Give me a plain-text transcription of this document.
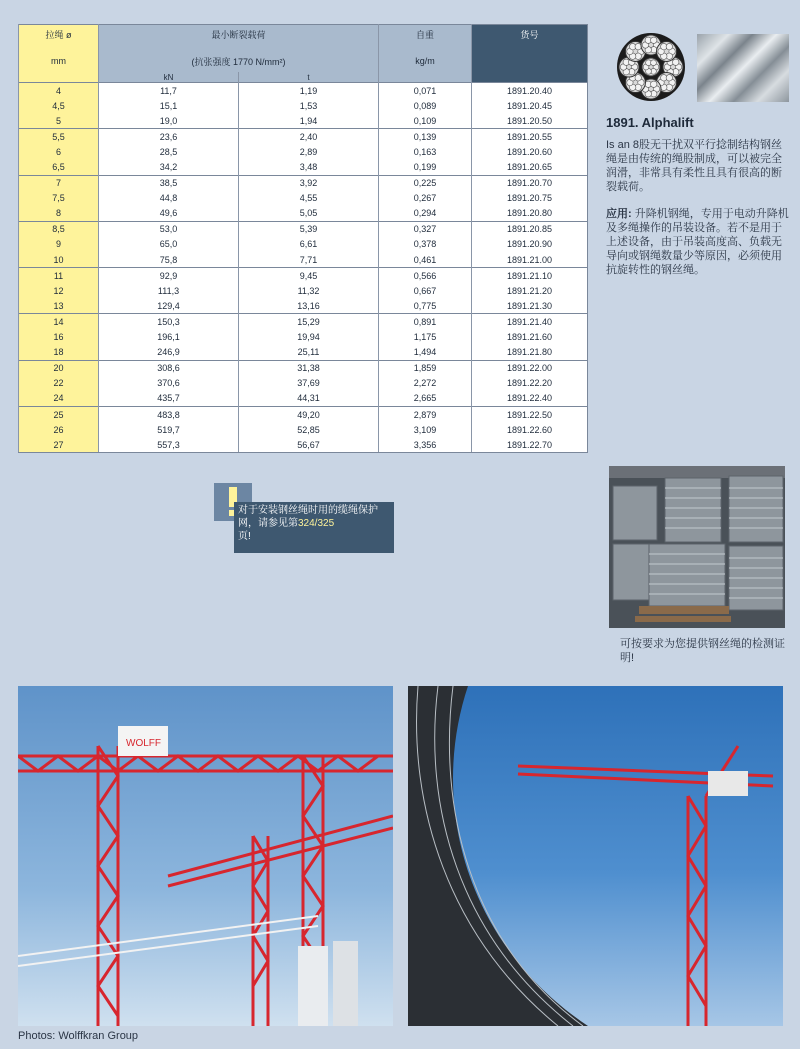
拉绳 ø	最小断裂载荷		自重	货号
mm	(抗张强度 1770 N/mm²)		kg/m	
	kN	t		
4	11,7	1,19	0,071	1891.20.40
4,5	15,1	1,53	0,089	1891.20.45
5	19,0	1,94	0,109	1891.20.50
5,5	23,6	2,40	0,139	1891.20.55
6	28,5	2,89	0,163	1891.20.60
6,5	34,2	3,48	0,199	1891.20.65
7	38,5	3,92	0,225	1891.20.70
7,5	44,8	4,55	0,267	1891.20.75
8	49,6	5,05	0,294	1891.20.80
8,5	53,0	5,39	0,327	1891.20.85
9	65,0	6,61	0,378	1891.20.90
10	75,8	7,71	0,461	1891.21.00
11	92,9	9,45	0,566	1891.21.10
12	111,3	11,32	0,667	1891.21.20
13	129,4	13,16	0,775	1891.21.30
14	150,3	15,29	0,891	1891.21.40
16	196,1	19,94	1,175	1891.21.60
18	246,9	25,11	1,494	1891.21.80
20	308,6	31,38	1,859	1891.22.00
22	370,6	37,69	2,272	1891.22.20
24	435,7	44,31	2,665	1891.22.40
25	483,8	49,20	2,879	1891.22.50
26	519,7	52,85	3,109	1891.22.60
27	557,3	56,67	3,356	1891.22.70
1891. Alphalift
Is an 8股无干扰双平行捻制结构钢丝绳是由传统的绳股制成，可以被完全润滑，非常具有柔性且具有很高的断裂载荷。
应用: 升降机钢绳，专用于电动升降机及多绳操作的吊装设备。若不是用于上述设备，由于吊装高度高、负载无导向或钢绳数量少等原因，必须使用抗旋转性的钢丝绳。
对于安装钢丝绳时用的缆绳保护网，请参见第324/325
页!
可按要求为您提供钢丝绳的检测证明!
WOLFF
Photos: Wolffkran Group
